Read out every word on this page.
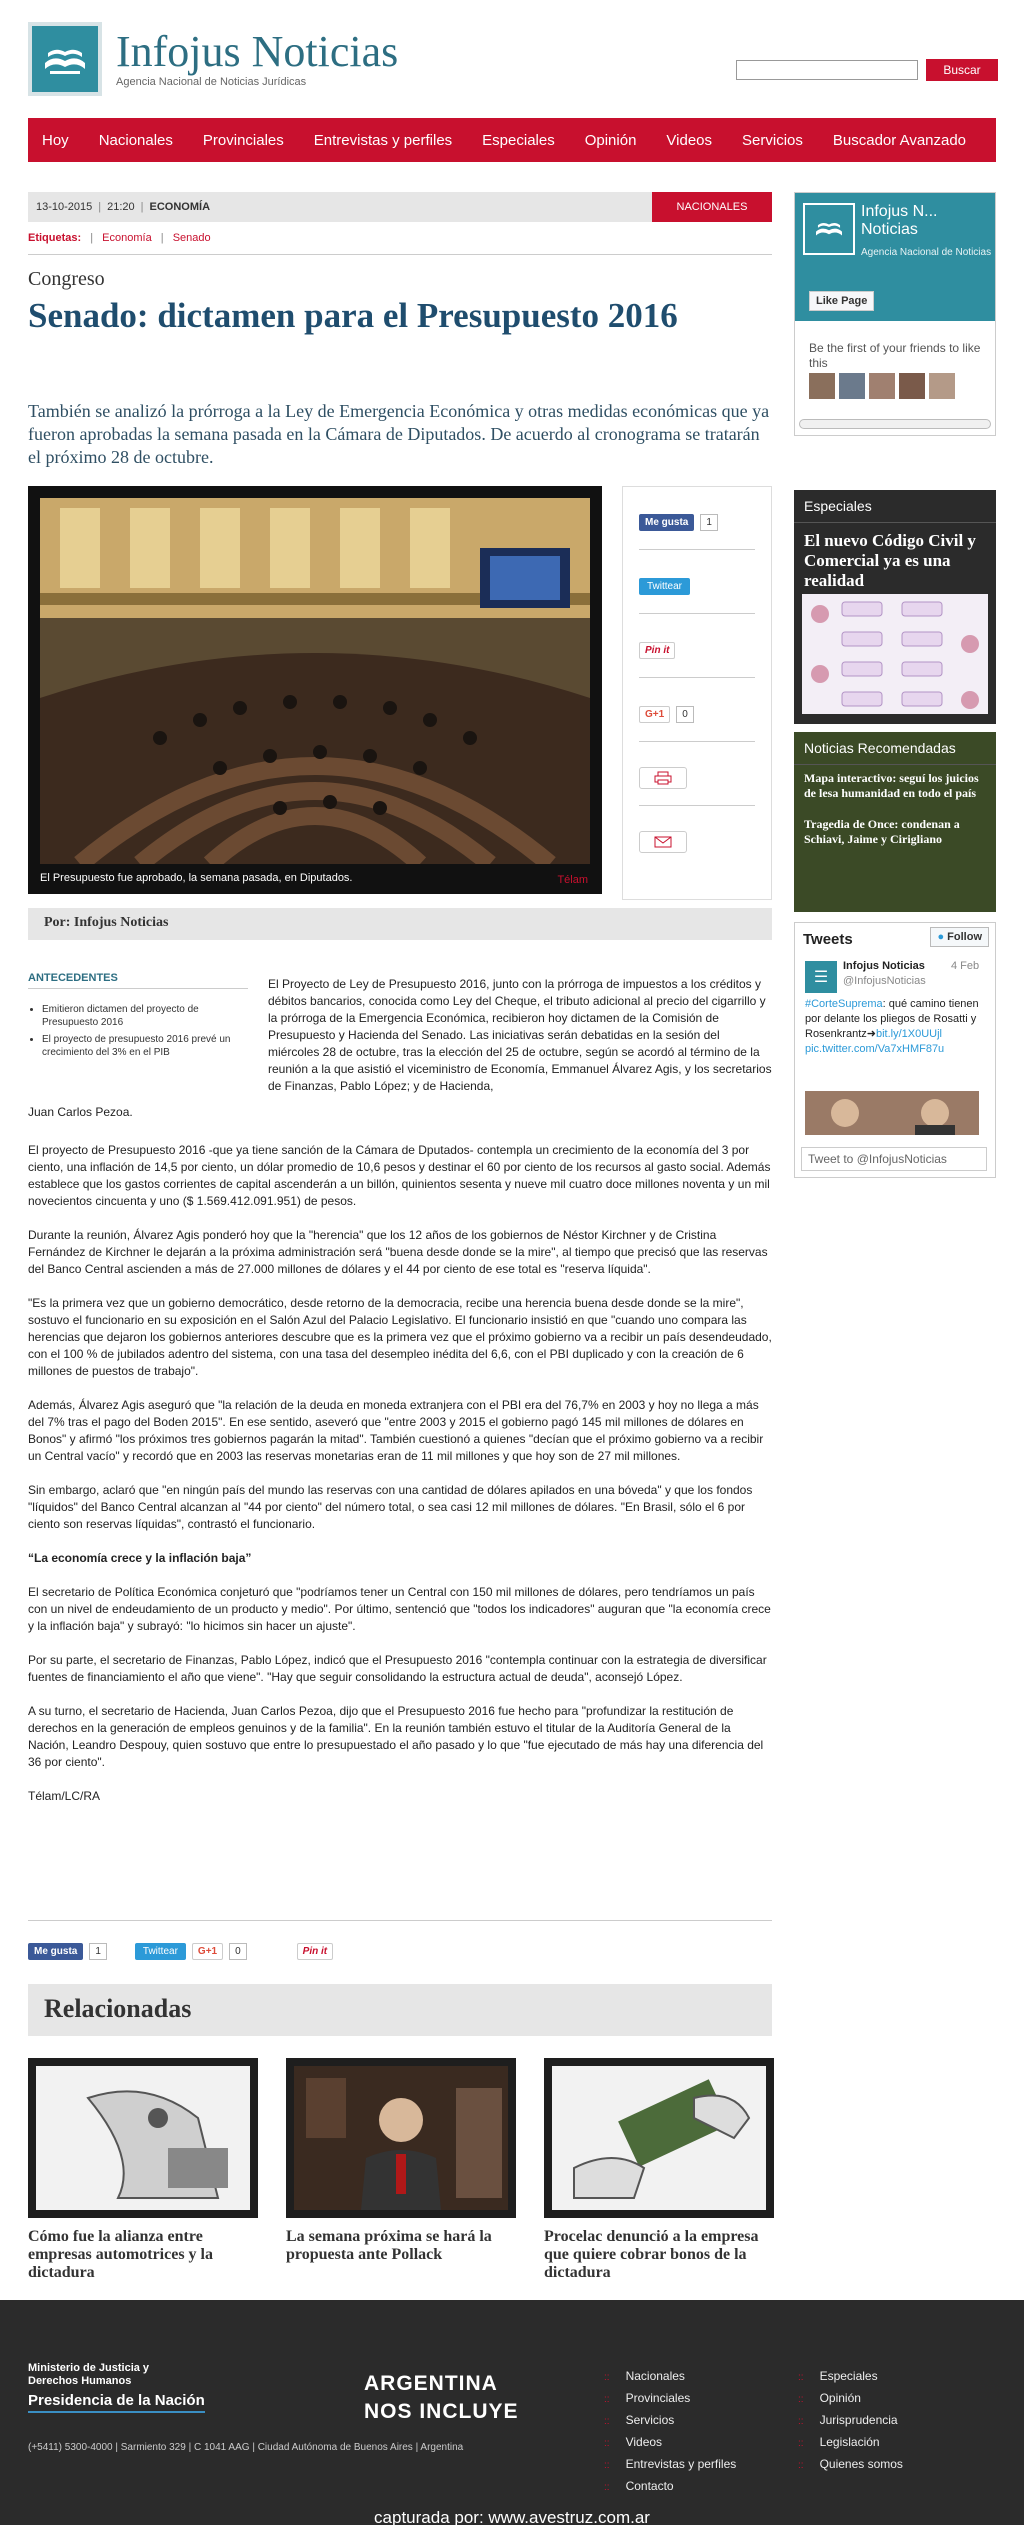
Infojus Noticias
Agencia Nacional de Noticias Jurídicas
Buscar
Hoy Nacionales Provinciales Entrevistas y perfiles Especiales Opinión Videos Servicios Buscador Avanzado
13-10-2015 | 21:20 | ECONOMÍA	NACIONALES
Etiquetas: | Economía | Senado
Congreso
Senado: dictamen para el Presupuesto 2016

También se analizó la prórroga a la Ley de Emergencia Económica y otras medidas económicas que ya fueron aprobadas la semana pasada en la Cámara de Diputados. De acuerdo al cronograma se tratarán el próximo 28 de octubre.

El Presupuesto fue aprobado, la semana pasada, en Diputados.	Télam
Me gusta	1
Twittear
Pin it
G+1	0
Por: Infojus Noticias
ANTECEDENTES
• Emitieron dictamen del proyecto de Presupuesto 2016
• El proyecto de presupuesto 2016 prevé un crecimiento del 3% en el PIB
El Proyecto de Ley de Presupuesto 2016, junto con la prórroga de impuestos a los créditos y débitos bancarios, conocida como Ley del Cheque, el tributo adicional al precio del cigarrillo y la prórroga de la Emergencia Económica, recibieron hoy dictamen de la Comisión de Presupuesto y Hacienda del Senado. Las iniciativas serán debatidas en la sesión del miércoles 28 de octubre, tras la elección del 25 de octubre, según se acordó al término de la reunión a la que asistió el viceministro de Economía, Emmanuel Álvarez Agis, y los secretarios de Finanzas, Pablo López; y de Hacienda,
Juan Carlos Pezoa.

El proyecto de Presupuesto 2016 -que ya tiene sanción de la Cámara de Dputados- contempla un crecimiento de la economía del 3 por ciento, una inflación de 14,5 por ciento, un dólar promedio de 10,6 pesos y destinar el 60 por ciento de los recursos al gasto social. Además establece que los gastos corrientes de capital ascenderán a un billón, quinientos sesenta y nueve mil cuatro doce millones noventa y un mil novecientos cincuenta y uno ($ 1.569.412.091.951) de pesos.

Durante la reunión, Álvarez Agis ponderó hoy que la "herencia" que los 12 años de los gobiernos de Néstor Kirchner y de Cristina Fernández de Kirchner le dejarán a la próxima administración será "buena desde donde se la mire", al tiempo que precisó que las reservas del Banco Central ascienden a más de 27.000 millones de dólares y el 44 por ciento de ese total es "reserva líquida".

"Es la primera vez que un gobierno democrático, desde retorno de la democracia, recibe una herencia buena desde donde se la mire", sostuvo el funcionario en su exposición en el Salón Azul del Palacio Legislativo. El funcionario insistió en que "cuando uno compara las herencias que dejaron los gobiernos anteriores descubre que es la primera vez que el próximo gobierno va a recibir un país desendeudado, con el 100 % de jubilados adentro del sistema, con una tasa del desempleo inédita del 6,6, con el PBI duplicado y con la creación de 6 millones de puestos de trabajo".

Además, Álvarez Agis aseguró que "la relación de la deuda en moneda extranjera con el PBI era del 76,7% en 2003 y hoy no llega a más del 7% tras el pago del Boden 2015". En ese sentido, aseveró que "entre 2003 y 2015 el gobierno pagó 145 mil millones de dólares en Bonos" y afirmó "los próximos tres gobiernos pagarán la mitad". También cuestionó a quienes "decían que el próximo gobierno va a recibir un Central vacío" y recordó que en 2003 las reservas monetarias eran de 11 mil millones y que hoy son de 27 mil millones.

Sin embargo, aclaró que "en ningún país del mundo las reservas con una cantidad de dólares apilados en una bóveda" y que los fondos "líquidos" del Banco Central alcanzan al "44 por ciento" del número total, o sea casi 12 mil millones de dólares. "En Brasil, sólo el 6 por ciento son reservas líquidas", contrastó el funcionario.

“La economía crece y la inflación baja”

El secretario de Política Económica conjeturó que "podríamos tener un Central con 150 mil millones de dólares, pero tendríamos un país con un nivel de endeudamiento de un producto y medio". Por último, sentenció que "todos los indicadores" auguran que "la economía crece y la inflación baja" y subrayó: "lo hicimos sin hacer un ajuste".

Por su parte, el secretario de Finanzas, Pablo López, indicó que el Presupuesto 2016 "contempla continuar con la estrategia de diversificar fuentes de financiamiento el año que viene". "Hay que seguir consolidando la estructura actual de deuda", aconsejó López.

A su turno, el secretario de Hacienda, Juan Carlos Pezoa, dijo que el Presupuesto 2016 fue hecho para "profundizar la restitución de derechos en la generación de empleos genuinos y de la familia". En la reunión también estuvo el titular de la Auditoría General de la Nación, Leandro Despouy, quien sostuvo que entre lo presupuestado el año pasado y lo que "fue ejecutado de más hay una diferencia del 36 por ciento".

Télam/LC/RA

Me gusta	1	Twittear	G+1	0	Pin it
Relacionadas
Cómo fue la alianza entre empresas automotrices y la dictadura
La semana próxima se hará la propuesta ante Pollack
Procelac denunció a la empresa que quiere cobrar bonos de la dictadura
Infojus N... Noticias
Agencia Nacional de Noticias
Like Page
Be the first of your friends to like this
Especiales
El nuevo Código Civil y Comercial ya es una realidad
Noticias Recomendadas
Mapa interactivo: seguí los juicios de lesa humanidad en todo el país
Tragedia de Once: condenan a Schiavi, Jaime y Cirigliano
Tweets	● Follow
☰
Infojus Noticias 4 Feb
@InfojusNoticias
#CorteSuprema: qué camino tienen por delante los pliegos de Rosatti y Rosenkrantz➜bit.ly/1X0UUjl
pic.twitter.com/Va7xHMF87u
Tweet to @InfojusNoticias
Ministerio de Justicia y Derechos Humanos
Presidencia de la Nación
(+5411) 5300-4000 | Sarmiento 329 | C 1041 AAG | Ciudad Autónoma de Buenos Aires | Argentina
ARGENTINA
NOS INCLUYE
:: Nacionales
:: Provinciales
:: Servicios
:: Videos
:: Entrevistas y perfiles
:: Contacto
:: Especiales
:: Opinión
:: Jurisprudencia
:: Legislación
:: Quienes somos
capturada por: www.avestruz.com.ar
